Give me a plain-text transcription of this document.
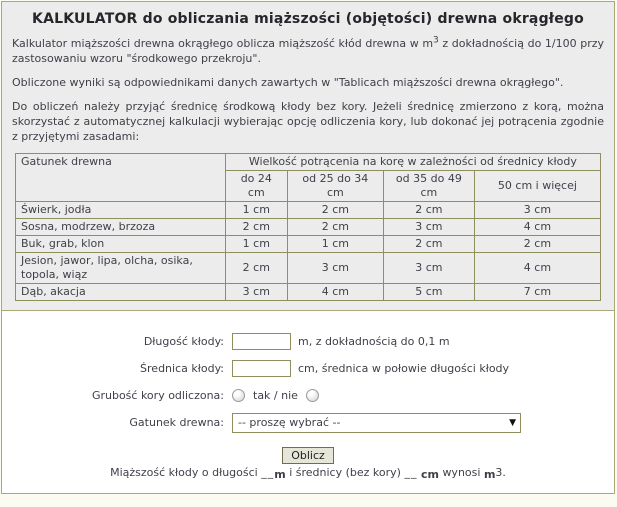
KALKULATOR do obliczania miąższości (objętości) drewna okrągłego

Kalkulator miąższości drewna okrągłego oblicza miąższość kłód drewna w $m^3$ z dokładnością do 1/100 przy zastosowaniu wzoru "środkowego przekroju".

Obliczone wyniki są odpowiednikami danych zawartych w "Tablicach miąższości drewna okrągłego".

Do obliczeń należy przyjąć średnicę środkową kłody bez kory. Jeżeli średnicę zmierzono z korą, można skorzystać z automatycznej kalkulacji wybierając opcję odliczenia kory, lub dokonać jej potrącenia zgodnie z przyjętymi zasadami:

Gatunek drewna	Wielkość potrącenia na korę w zależności od średnicy kłody			
	do 24 cm	od 25 do 34 cm	od 35 do 49 cm	50 cm i więcej
Świerk, jodła	1 cm	2 cm	2 cm	3 cm
Sosna, modrzew, brzoza	2 cm	2 cm	3 cm	4 cm
Buk, grab, klon	1 cm	1 cm	2 cm	2 cm
Jesion, jawor, lipa, olcha, osika, topola, wiąz	2 cm	3 cm	3 cm	4 cm
Dąb, akacja	3 cm	4 cm	5 cm	7 cm
Długość kłody:	m, z dokładnością do 0,1 m
Średnica kłody:	cm, średnica w połowie długości kłody
Grubość kory odliczona:	tak / nie
Gatunek drewna:	-- proszę wybrać --	▼
Oblicz
Miąższość kłody o długości __m i średnicy (bez kory) __ cm wynosi m3.
